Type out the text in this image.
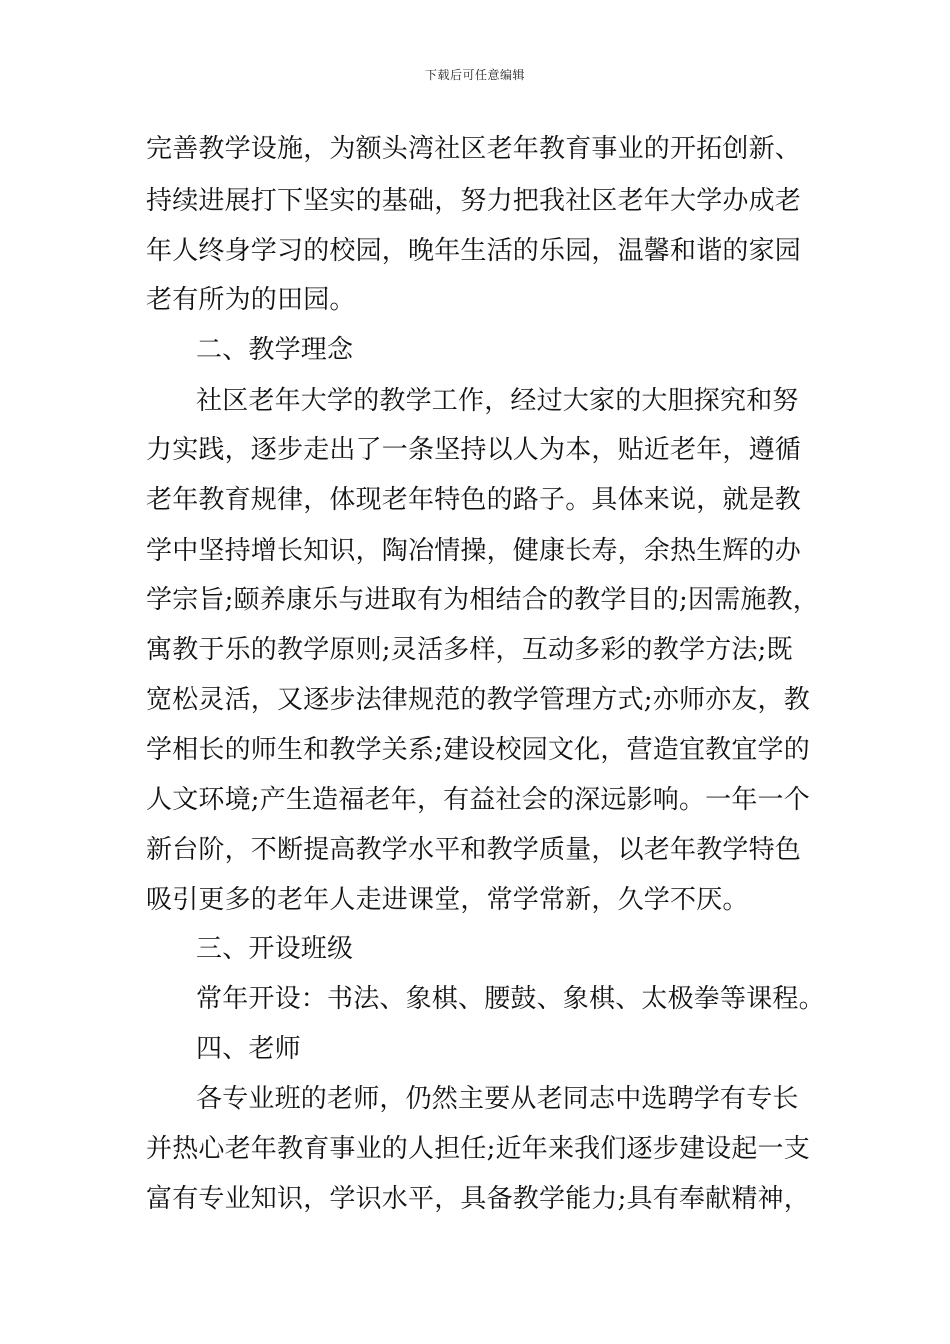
下载后可任意编辑
完善教学设施，为额头湾社区老年教育事业的开拓创新、
持续进展打下坚实的基础，努力把我社区老年大学办成老
年人终身学习的校园，晚年生活的乐园，温馨和谐的家园
老有所为的田园。
二、教学理念
社区老年大学的教学工作，经过大家的大胆探究和努
力实践，逐步走出了一条坚持以人为本，贴近老年，遵循
老年教育规律，体现老年特色的路子。具体来说，就是教
学中坚持增长知识，陶冶情操，健康长寿，余热生辉的办
学宗旨;颐养康乐与进取有为相结合的教学目的;因需施教，
寓教于乐的教学原则;灵活多样，互动多彩的教学方法;既
宽松灵活，又逐步法律规范的教学管理方式;亦师亦友，教
学相长的师生和教学关系;建设校园文化，营造宜教宜学的
人文环境;产生造福老年，有益社会的深远影响。一年一个
新台阶，不断提高教学水平和教学质量，以老年教学特色
吸引更多的老年人走进课堂，常学常新，久学不厌。
三、开设班级
常年开设：书法、象棋、腰鼓、象棋、太极拳等课程。
四、老师
各专业班的老师，仍然主要从老同志中选聘学有专长
并热心老年教育事业的人担任;近年来我们逐步建设起一支
富有专业知识，学识水平，具备教学能力;具有奉献精神，
